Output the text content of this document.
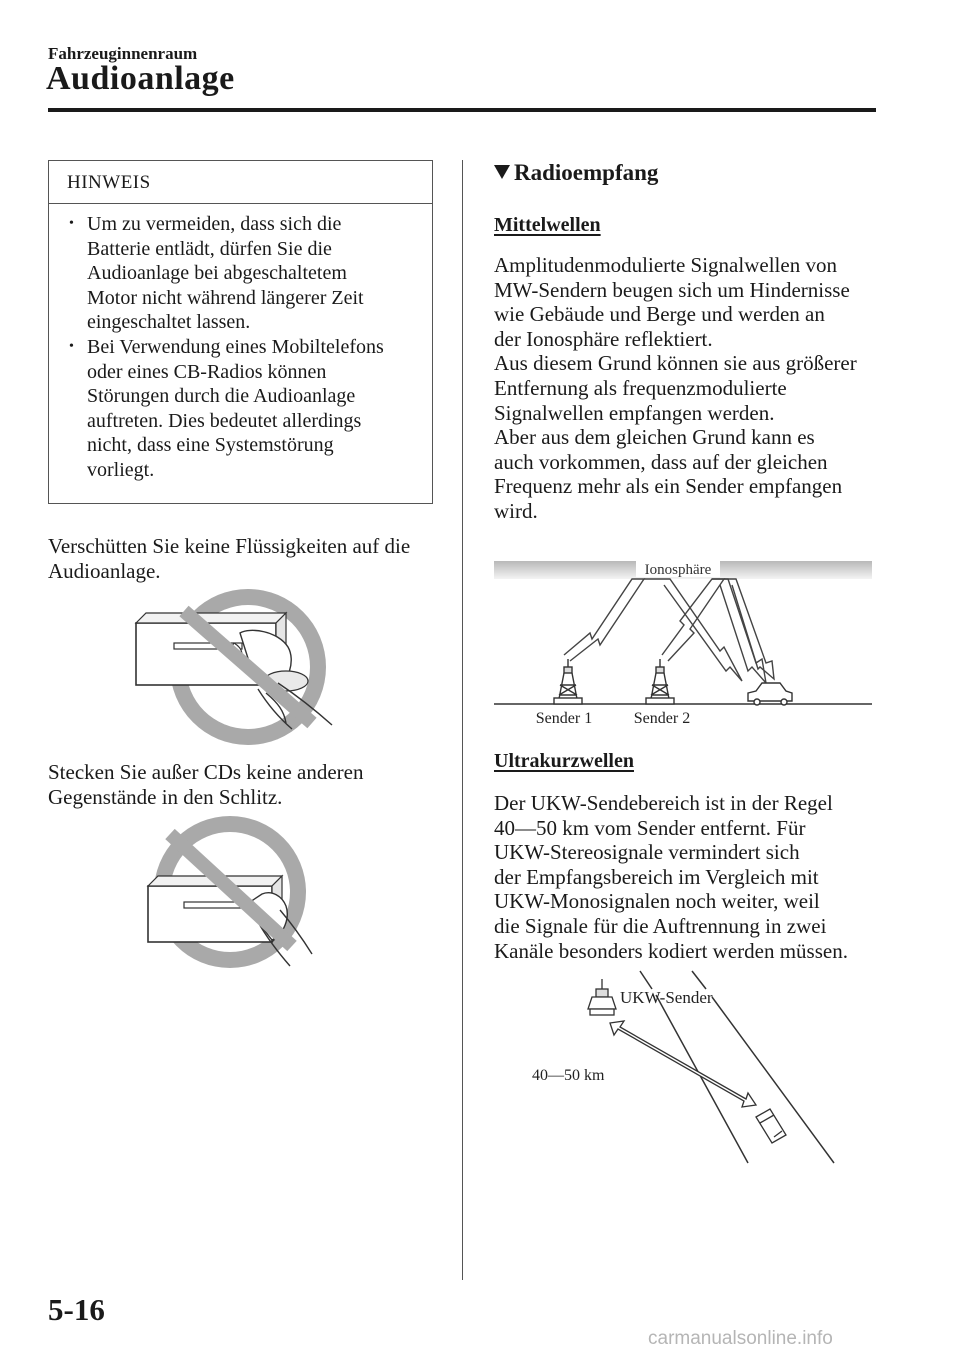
Fahrzeuginnenraum
Audioanlage
HINWEIS
• Um zu vermeiden, dass sich die
Batterie entlädt, dürfen Sie die
Audioanlage bei abgeschaltetem
Motor nicht während längerer Zeit
eingeschaltet lassen.
• Bei Verwendung eines Mobiltelefons
oder eines CB-Radios können
Störungen durch die Audioanlage
auftreten. Dies bedeutet allerdings
nicht, dass eine Systemstörung
vorliegt.

Verschütten Sie keine Flüssigkeiten auf die

Audioanlage.

Stecken Sie außer CDs keine anderen

Gegenstände in den Schlitz.

Radioempfang
Mittelwellen

Amplitudenmodulierte Signalwellen von

MW-Sendern beugen sich um Hindernisse

wie Gebäude und Berge und werden an

der Ionosphäre reflektiert.

Aus diesem Grund können sie aus größerer

Entfernung als frequenzmodulierte

Signalwellen empfangen werden.

Aber aus dem gleichen Grund kann es

auch vorkommen, dass auf der gleichen

Frequenz mehr als ein Sender empfangen

wird.

Ionosphäre
Sender 1	Sender 2
Ultrakurzwellen

Der UKW-Sendebereich ist in der Regel

40—50 km vom Sender entfernt. Für

UKW-Stereosignale vermindert sich

der Empfangsbereich im Vergleich mit

UKW-Monosignalen noch weiter, weil

die Signale für die Auftrennung in zwei

Kanäle besonders kodiert werden müssen.

UKW-Sender
40—50 km
5-16
carmanualsonline.info
